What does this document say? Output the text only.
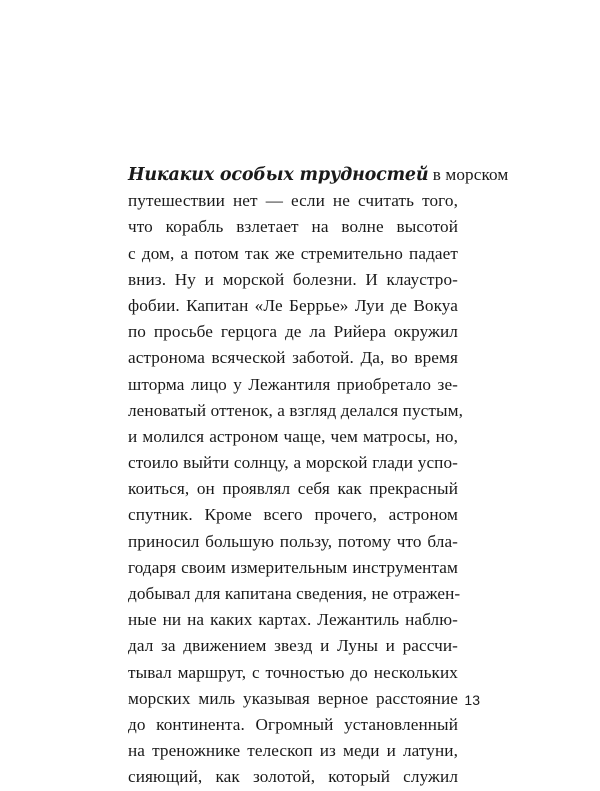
Никаких особых трудностей в морском
путешествии нет — если не считать того,
что корабль взлетает на волне высотой
с дом, а потом так же стремительно падает
вниз. Ну и морской болезни. И клаустро-
фобии. Капитан «Ле Беррье» Луи де Вокуа
по просьбе герцога де ла Рийера окружил
астронома всяческой заботой. Да, во время
шторма лицо у Лежантиля приобретало зе-
леноватый оттенок, а взгляд делался пустым,
и молился астроном чаще, чем матросы, но,
стоило выйти солнцу, а морской глади успо-
коиться, он проявлял себя как прекрасный
спутник. Кроме всего прочего, астроном
приносил большую пользу, потому что бла-
годаря своим измерительным инструментам
добывал для капитана сведения, не отражен-
ные ни на каких картах. Лежантиль наблю-
дал за движением звезд и Луны и рассчи-
тывал маршрут, с точностью до нескольких
морских миль указывая верное расстояние
до континента. Огромный установленный
на треножнике телескоп из меди и латуни,
сияющий, как золотой, который служил
13
